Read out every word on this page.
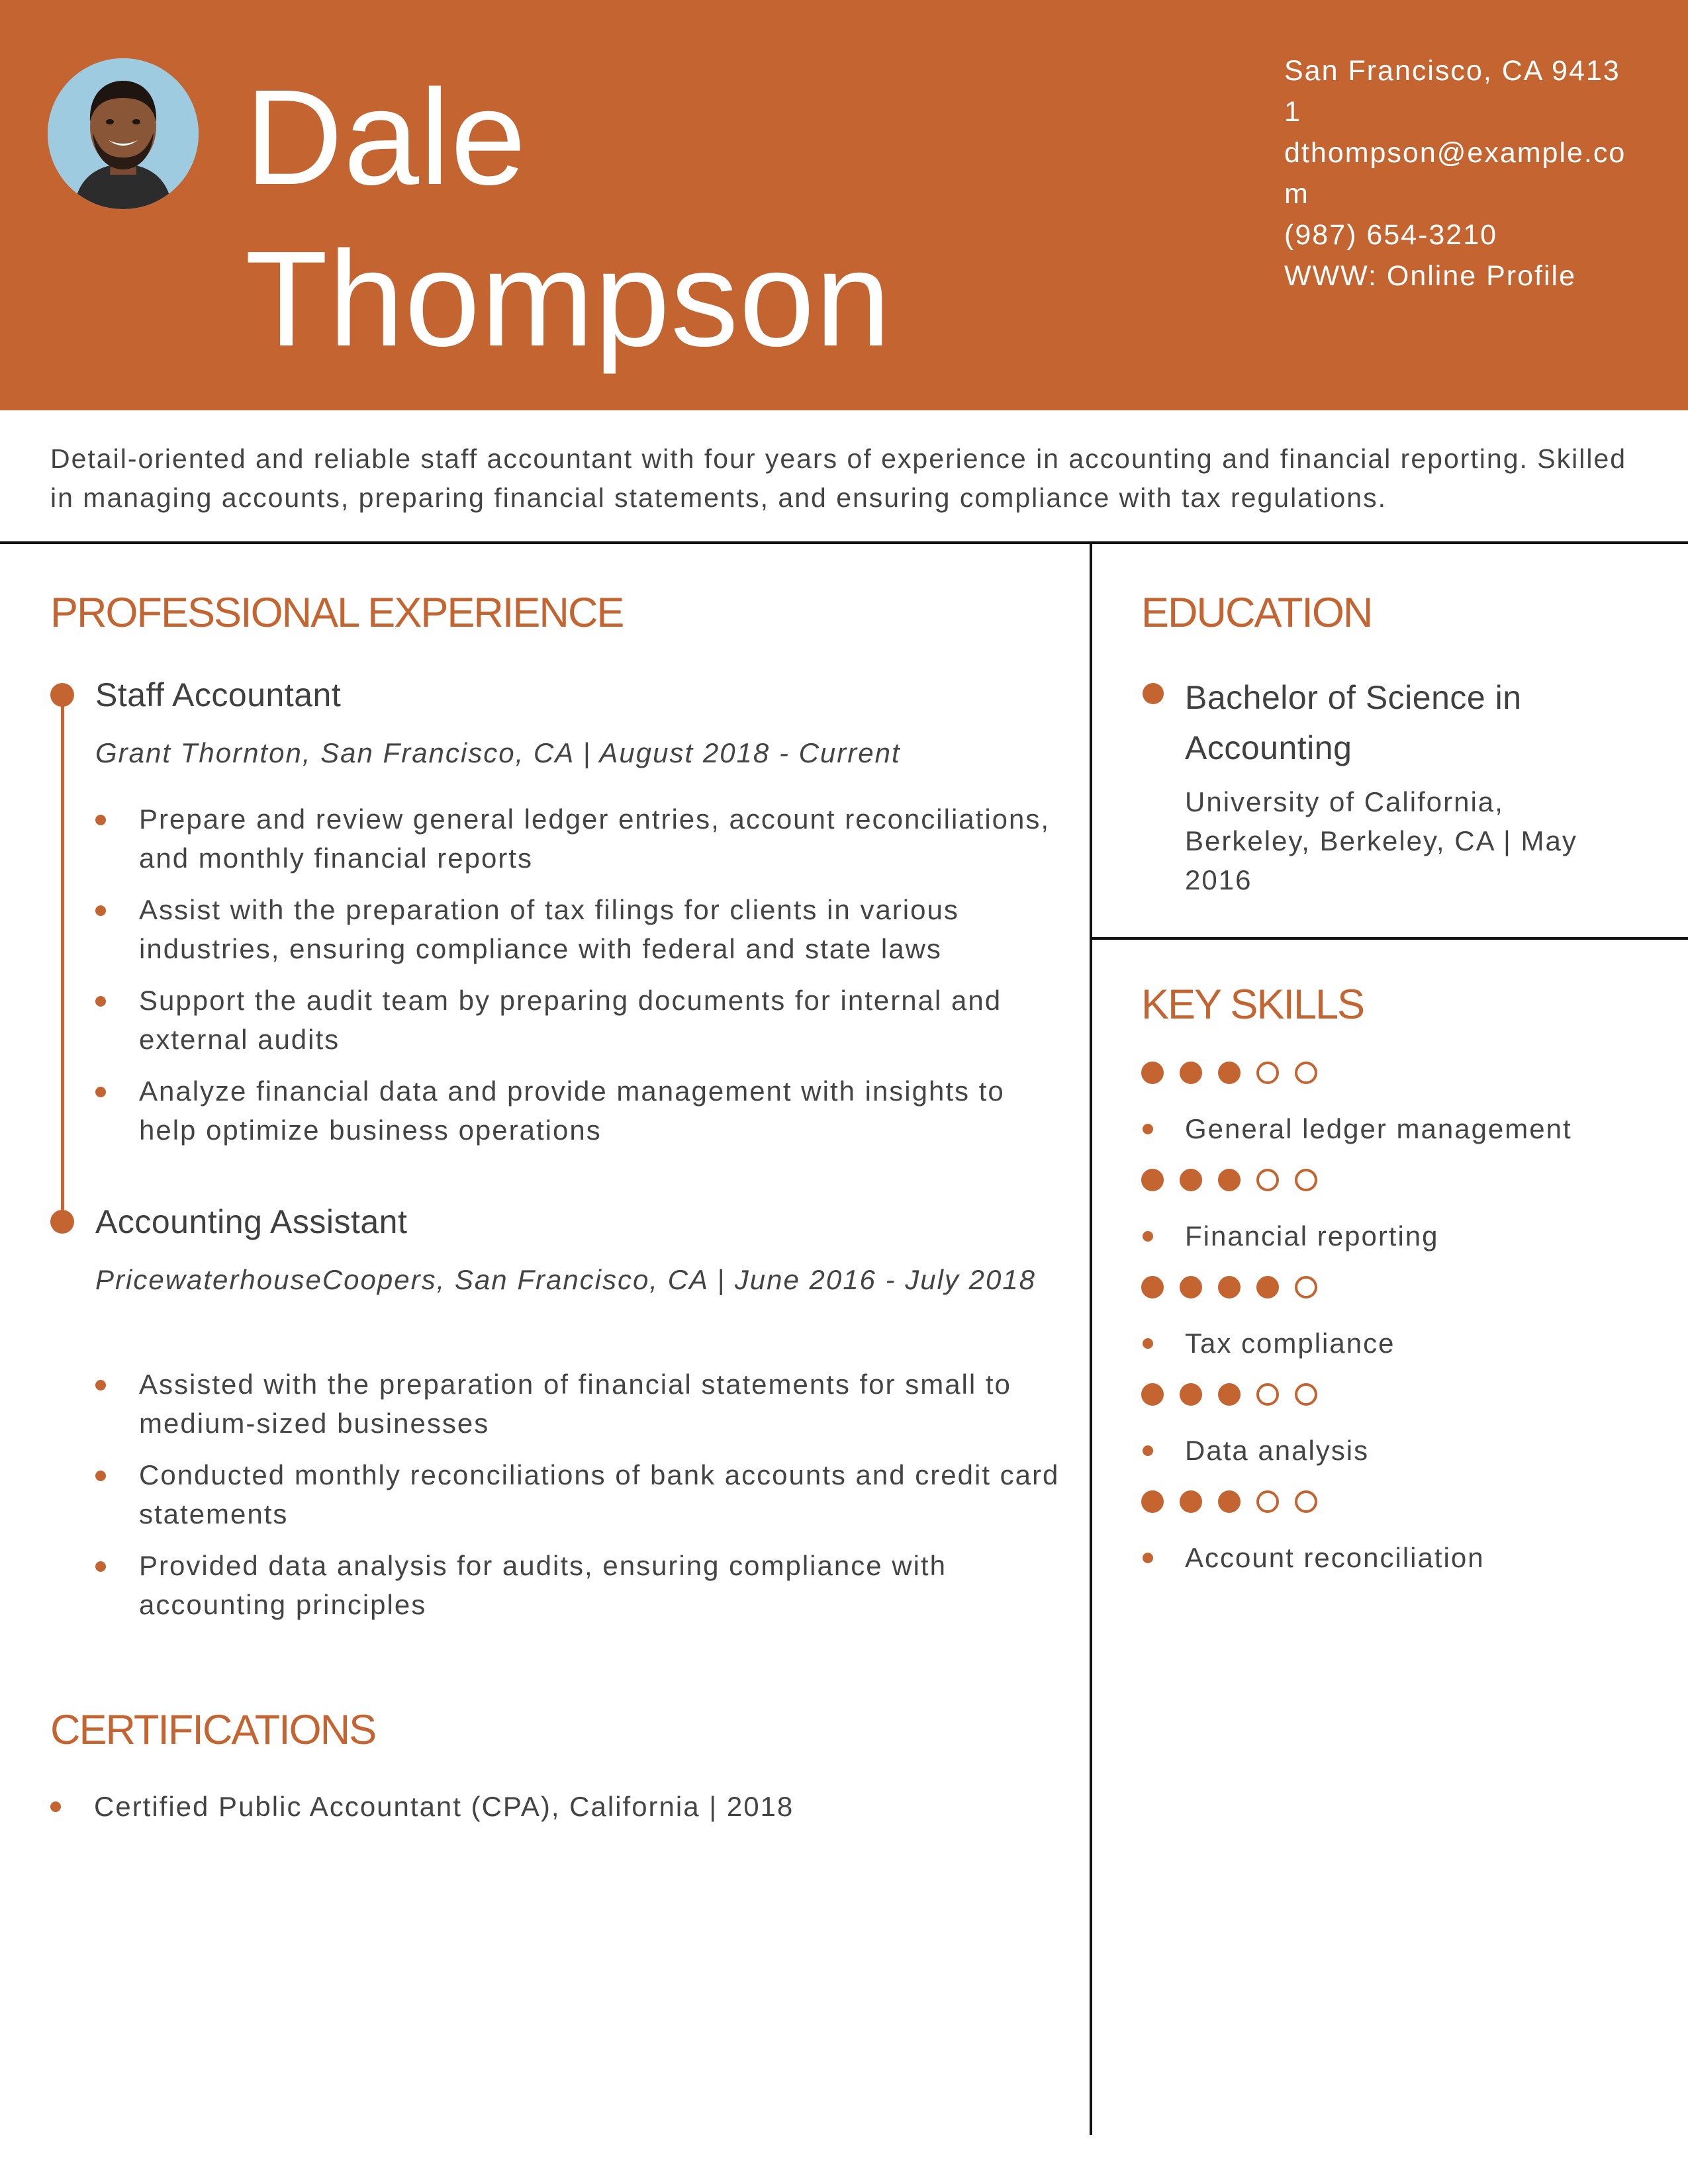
Dale
Thompson
San Francisco, CA 94131
dthompson@example.com
(987) 654-3210
WWW: Online Profile

Detail-oriented and reliable staff accountant with four years of experience in accounting and financial reporting. Skilled in managing accounts, preparing financial statements, and ensuring compliance with tax regulations.

PROFESSIONAL EXPERIENCE
Staff Accountant

Grant Thornton, San Francisco, CA | August 2018 - Current

Prepare and review general ledger entries, account reconciliations, and monthly financial reports
Assist with the preparation of tax filings for clients in various industries, ensuring compliance with federal and state laws
Support the audit team by preparing documents for internal and external audits
Analyze financial data and provide management with insights to help optimize business operations
Accounting Assistant

PricewaterhouseCoopers, San Francisco, CA | June 2016 - July 2018

Assisted with the preparation of financial statements for small to medium-sized businesses
Conducted monthly reconciliations of bank accounts and credit card statements
Provided data analysis for audits, ensuring compliance with accounting principles
CERTIFICATIONS
Certified Public Accountant (CPA), California | 2018
EDUCATION
Bachelor of Science in Accounting

University of California, Berkeley, Berkeley, CA | May 2016

KEY SKILLS
General ledger management
Financial reporting
Tax compliance
Data analysis
Account reconciliation
